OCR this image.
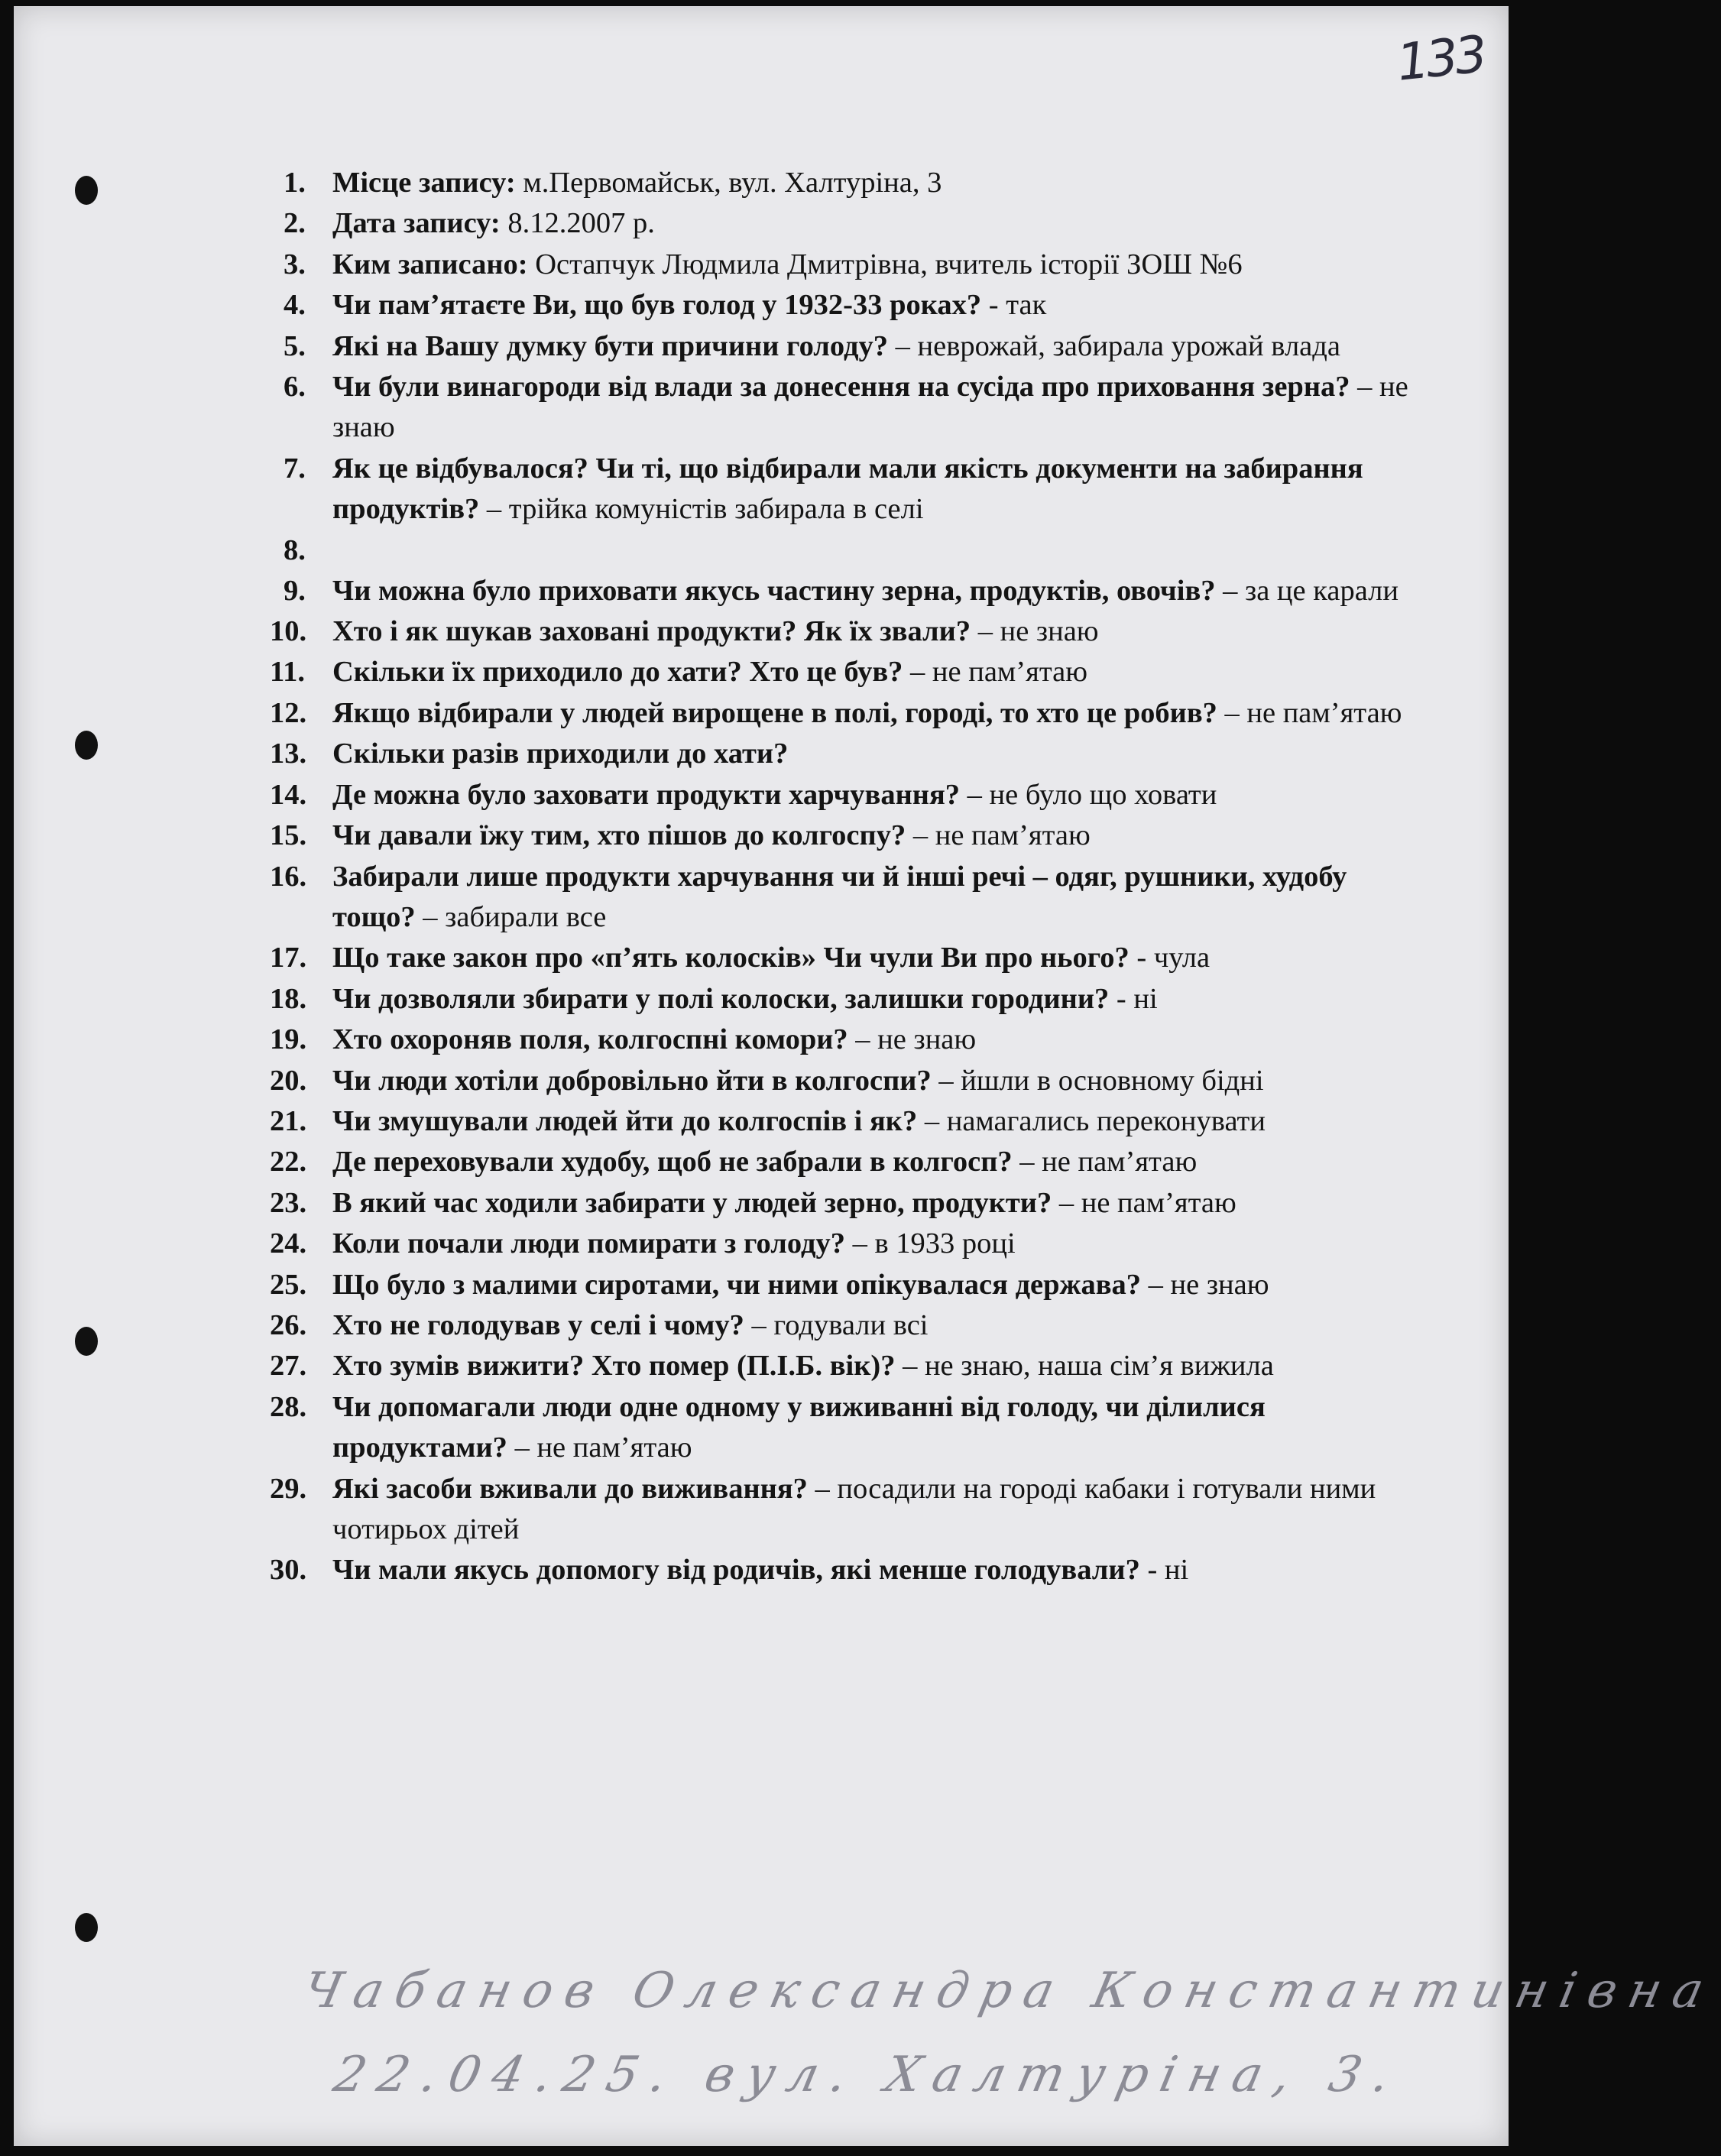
133
1. Місце запису: м.Первомайськ, вул. Халтуріна, 3
2. Дата запису: 8.12.2007 р.
3. Ким записано: Остапчук Людмила Дмитрівна, вчитель історії ЗОШ №6
4. Чи пам’ятаєте Ви, що був голод у 1932-33 роках? - так
5. Які на Вашу думку бути причини голоду? – неврожай, забирала урожай влада
6. Чи були винагороди від влади за донесення на сусіда про приховання зерна? – не знаю
7. Як це відбувалося? Чи ті, що відбирали мали якість документи на забирання продуктів? – трійка комуністів забирала в селі
8.
9. Чи можна було приховати якусь частину зерна, продуктів, овочів? – за це карали
10. Хто і як шукав заховані продукти? Як їх звали? – не знаю
11. Скільки їх приходило до хати? Хто це був? – не пам’ятаю
12. Якщо відбирали у людей вирощене в полі, городі, то хто це робив? – не пам’ятаю
13. Скільки разів приходили до хати?
14. Де можна було заховати продукти харчування? – не було що ховати
15. Чи давали їжу тим, хто пішов до колгоспу? – не пам’ятаю
16. Забирали лише продукти харчування чи й інші речі – одяг, рушники, худобу тощо? – забирали все
17. Що таке закон про «п’ять колосків» Чи чули Ви про нього? - чула
18. Чи дозволяли збирати у полі колоски, залишки городини? - ні
19. Хто охороняв поля, колгоспні комори? – не знаю
20. Чи люди хотіли добровільно йти в колгоспи? – йшли в основному бідні
21. Чи змушували людей йти до колгоспів і як? – намагались переконувати
22. Де переховували худобу, щоб не забрали в колгосп? – не пам’ятаю
23. В який час ходили забирати у людей зерно, продукти? – не пам’ятаю
24. Коли почали люди помирати з голоду? – в 1933 році
25. Що було з малими сиротами, чи ними опікувалася держава? – не знаю
26. Хто не голодував у селі і чому? – годували всі
27. Хто зумів вижити? Хто помер (П.І.Б. вік)? – не знаю, наша сім’я вижила
28. Чи допомагали люди одне одному у виживанні від голоду, чи ділилися продуктами? – не пам’ятаю
29. Які засоби вживали до виживання? – посадили на городі кабаки і готували ними чотирьох дітей
30. Чи мали якусь допомогу від родичів, які менше голодували? - ні
Чабанов Олександра Константинівна
22.04.25. вул. Халтуріна, 3.
